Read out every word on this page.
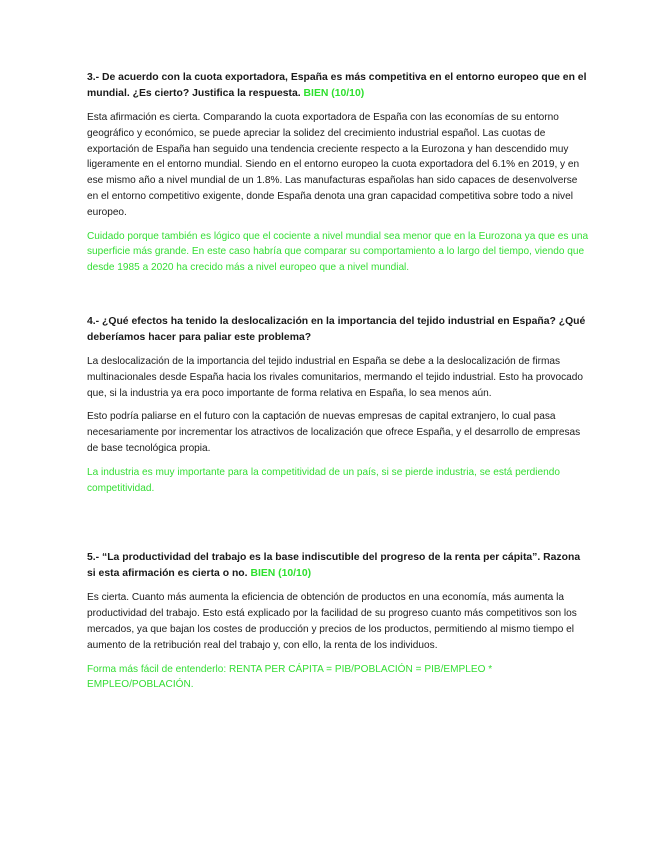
3.- De acuerdo con la cuota exportadora, España es más competitiva en el entorno europeo que en el mundial. ¿Es cierto? Justifica la respuesta. BIEN (10/10)

Esta afirmación es cierta. Comparando la cuota exportadora de España con las economías de su entorno geográfico y económico, se puede apreciar la solidez del crecimiento industrial español. Las cuotas de exportación de España han seguido una tendencia creciente respecto a la Eurozona y han descendido muy ligeramente en el entorno mundial. Siendo en el entorno europeo la cuota exportadora del 6.1% en 2019, y en ese mismo año a nivel mundial de un 1.8%. Las manufacturas españolas han sido capaces de desenvolverse en el entorno competitivo exigente, donde España denota una gran capacidad competitiva sobre todo a nivel europeo.

Cuidado porque también es lógico que el cociente a nivel mundial sea menor que en la Eurozona ya que es una superficie más grande. En este caso habría que comparar su comportamiento a lo largo del tiempo, viendo que desde 1985 a 2020 ha crecido más a nivel europeo que a nivel mundial.

4.- ¿Qué efectos ha tenido la deslocalización en la importancia del tejido industrial en España? ¿Qué deberíamos hacer para paliar este problema?

La deslocalización de la importancia del tejido industrial en España se debe a la deslocalización de firmas multinacionales desde España hacia los rivales comunitarios, mermando el tejido industrial. Esto ha provocado que, si la industria ya era poco importante de forma relativa en España, lo sea menos aún.

Esto podría paliarse en el futuro con la captación de nuevas empresas de capital extranjero, lo cual pasa necesariamente por incrementar los atractivos de localización que ofrece España, y el desarrollo de empresas de base tecnológica propia.

La industria es muy importante para la competitividad de un país, si se pierde industria, se está perdiendo competitividad.

5.- “La productividad del trabajo es la base indiscutible del progreso de la renta per cápita”. Razona si esta afirmación es cierta o no. BIEN (10/10)

Es cierta. Cuanto más aumenta la eficiencia de obtención de productos en una economía, más aumenta la productividad del trabajo. Esto está explicado por la facilidad de su progreso cuanto más competitivos son los mercados, ya que bajan los costes de producción y precios de los productos, permitiendo al mismo tiempo el aumento de la retribución real del trabajo y, con ello, la renta de los individuos.

Forma más fácil de entenderlo: RENTA PER CÁPITA = PIB/POBLACIÓN = PIB/EMPLEO * EMPLEO/POBLACIÓN.
